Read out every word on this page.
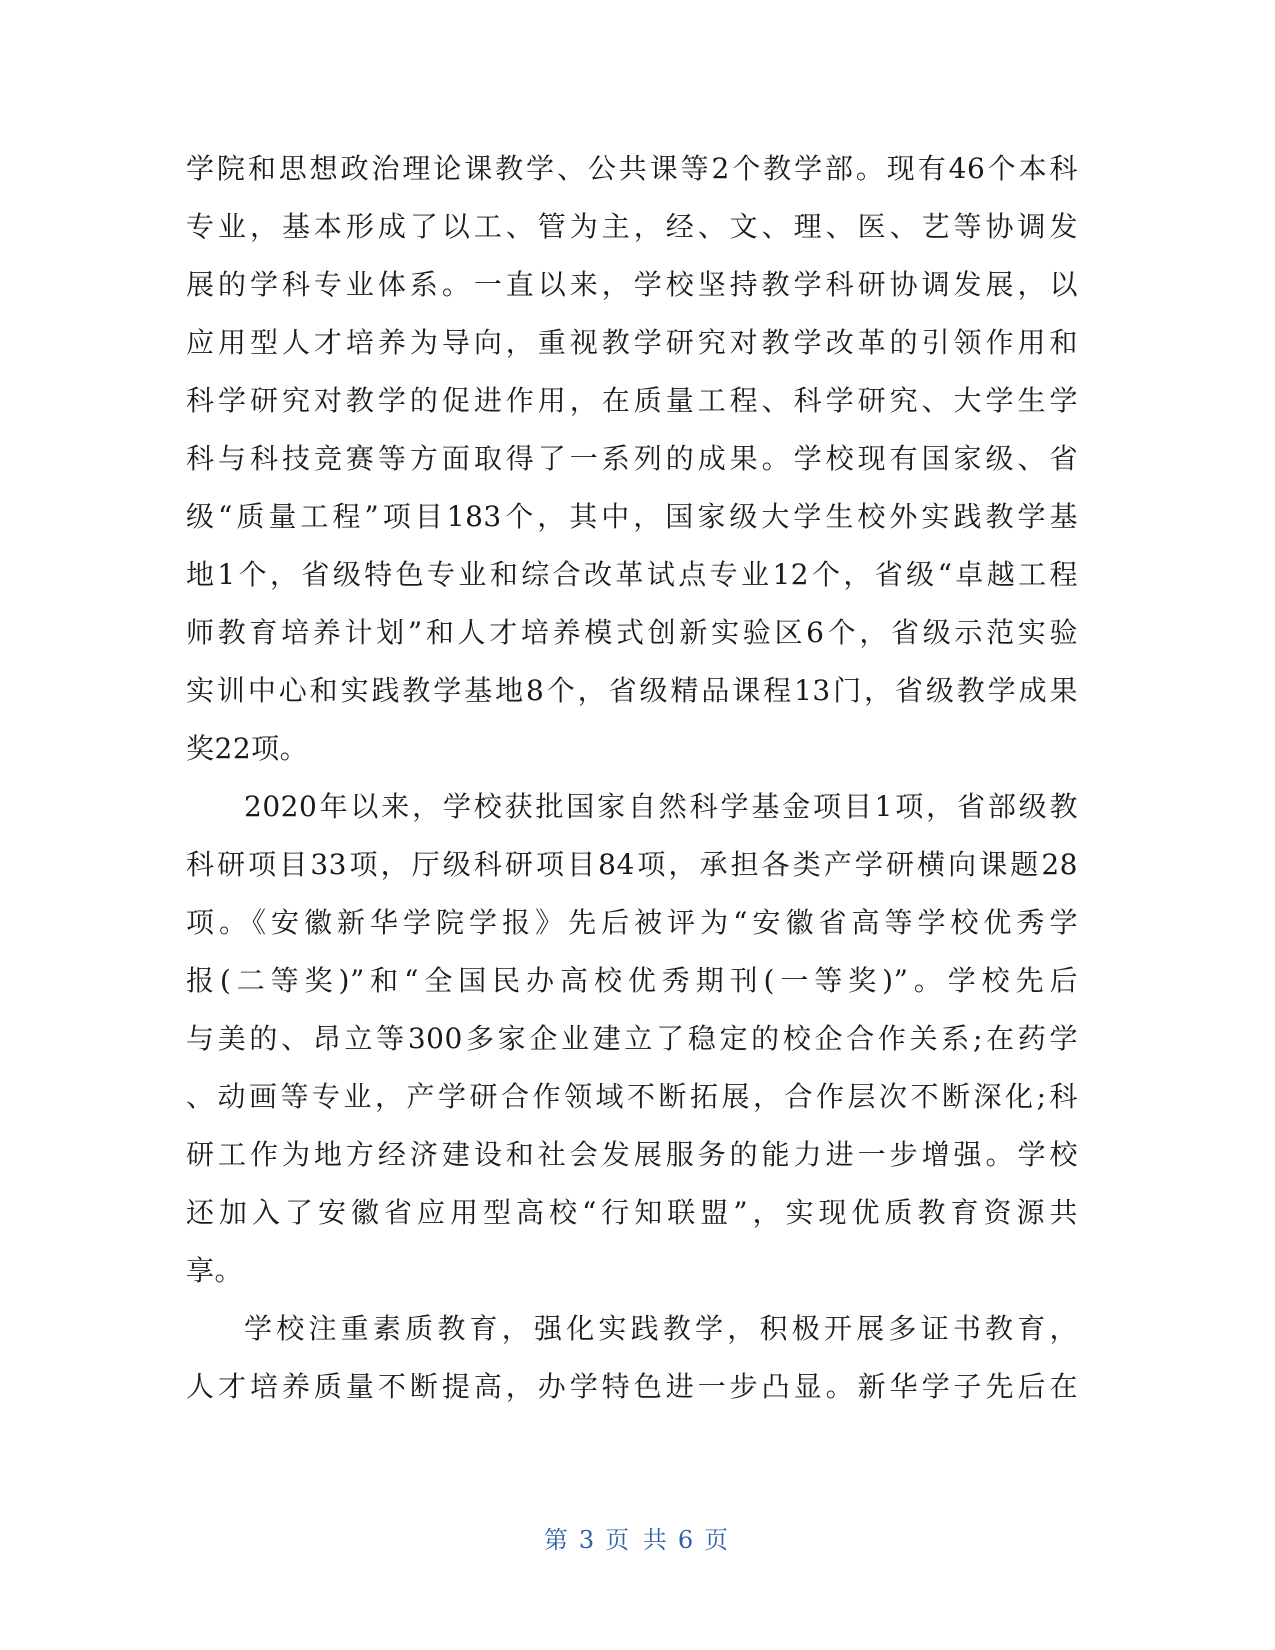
学院和思想政治理论课教学、公共课等2个教学部。现有46个本科
专业，基本形成了以工、管为主，经、文、理、医、艺等协调发
展的学科专业体系。一直以来，学校坚持教学科研协调发展，以
应用型人才培养为导向，重视教学研究对教学改革的引领作用和
科学研究对教学的促进作用，在质量工程、科学研究、大学生学
科与科技竞赛等方面取得了一系列的成果。学校现有国家级、省
级“质量工程”项目183个，其中，国家级大学生校外实践教学基
地1个，省级特色专业和综合改革试点专业12个，省级“卓越工程
师教育培养计划”和人才培养模式创新实验区6个，省级示范实验
实训中心和实践教学基地8个，省级精品课程13门，省级教学成果
奖22项。
2020年以来，学校获批国家自然科学基金项目1项，省部级教
科研项目33项，厅级科研项目84项，承担各类产学研横向课题28
项。《安徽新华学院学报》先后被评为“安徽省高等学校优秀学
报(二等奖)”和“全国民办高校优秀期刊(一等奖)”。学校先后
与美的、昂立等300多家企业建立了稳定的校企合作关系;在药学
、动画等专业，产学研合作领域不断拓展，合作层次不断深化;科
研工作为地方经济建设和社会发展服务的能力进一步增强。学校
还加入了安徽省应用型高校“行知联盟”，实现优质教育资源共
享。
学校注重素质教育，强化实践教学，积极开展多证书教育，
人才培养质量不断提高，办学特色进一步凸显。新华学子先后在
第 3 页 共 6 页
